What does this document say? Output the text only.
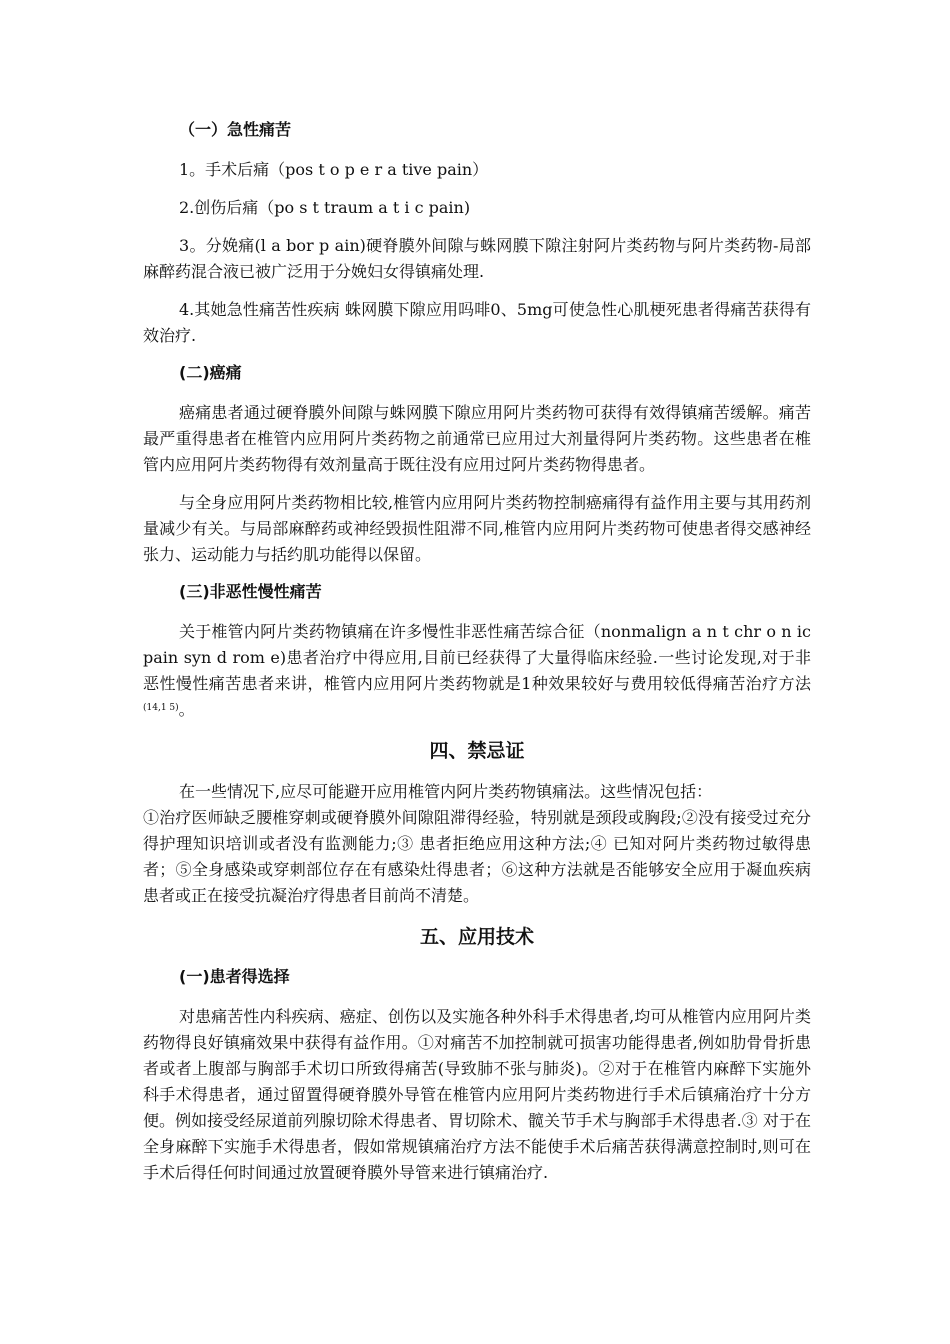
（一）急性痛苦
1。手术后痛（pos t o p e r a tive pain）
2.创伤后痛（po s t traum a t i c pain)

3。分娩痛(l a bor p ain)硬脊膜外间隙与蛛网膜下隙注射阿片类药物与阿片类药物-局部麻醉药混合液已被广泛用于分娩妇女得镇痛处理.

4.其她急性痛苦性疾病 蛛网膜下隙应用吗啡0、5mg可使急性心肌梗死患者得痛苦获得有效治疗.

(二)癌痛

癌痛患者通过硬脊膜外间隙与蛛网膜下隙应用阿片类药物可获得有效得镇痛苦缓解。痛苦最严重得患者在椎管内应用阿片类药物之前通常已应用过大剂量得阿片类药物。这些患者在椎管内应用阿片类药物得有效剂量高于既往没有应用过阿片类药物得患者。

与全身应用阿片类药物相比较,椎管内应用阿片类药物控制癌痛得有益作用主要与其用药剂量减少有关。与局部麻醉药或神经毁损性阻滞不同,椎管内应用阿片类药物可使患者得交感神经张力、运动能力与括约肌功能得以保留。

(三)非恶性慢性痛苦

关于椎管内阿片类药物镇痛在许多慢性非恶性痛苦综合征（nonmalign a n t chr o n ic pain syn d rom e)患者治疗中得应用,目前已经获得了大量得临床经验.一些讨论发现,对于非恶性慢性痛苦患者来讲，椎管内应用阿片类药物就是1种效果较好与费用较低得痛苦治疗方法$^{(14,1 5)}$。

四、禁忌证

在一些情况下,应尽可能避开应用椎管内阿片类药物镇痛法。这些情况包括：

①治疗医师缺乏腰椎穿刺或硬脊膜外间隙阻滞得经验，特别就是颈段或胸段;②没有接受过充分得护理知识培训或者没有监测能力;③ 患者拒绝应用这种方法;④ 已知对阿片类药物过敏得患者；⑤全身感染或穿刺部位存在有感染灶得患者；⑥这种方法就是否能够安全应用于凝血疾病患者或正在接受抗凝治疗得患者目前尚不清楚。

五、应用技术
(一)患者得选择

对患痛苦性内科疾病、癌症、创伤以及实施各种外科手术得患者,均可从椎管内应用阿片类药物得良好镇痛效果中获得有益作用。①对痛苦不加控制就可损害功能得患者,例如肋骨骨折患者或者上腹部与胸部手术切口所致得痛苦(导致肺不张与肺炎)。②对于在椎管内麻醉下实施外科手术得患者，通过留置得硬脊膜外导管在椎管内应用阿片类药物进行手术后镇痛治疗十分方便。例如接受经尿道前列腺切除术得患者、胃切除术、髋关节手术与胸部手术得患者.③ 对于在全身麻醉下实施手术得患者，假如常规镇痛治疗方法不能使手术后痛苦获得满意控制时,则可在手术后得任何时间通过放置硬脊膜外导管来进行镇痛治疗.
